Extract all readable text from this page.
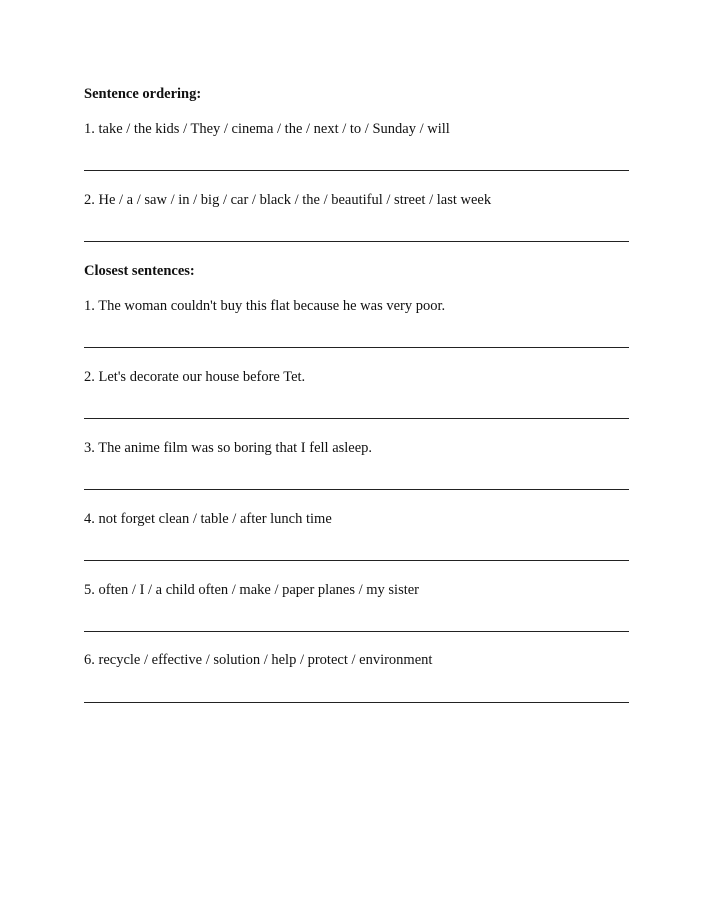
Sentence ordering:
1. take / the kids / They / cinema / the / next / to / Sunday / will
2. He / a / saw / in / big / car / black / the / beautiful / street / last week
Closest sentences:
1. The woman couldn't buy this flat because he was very poor.
2. Let's decorate our house before Tet.
3. The anime film was so boring that I fell asleep.
4. not forget clean / table / after lunch time
5. often / I / a child often / make / paper planes / my sister
6. recycle / effective / solution / help / protect / environment
